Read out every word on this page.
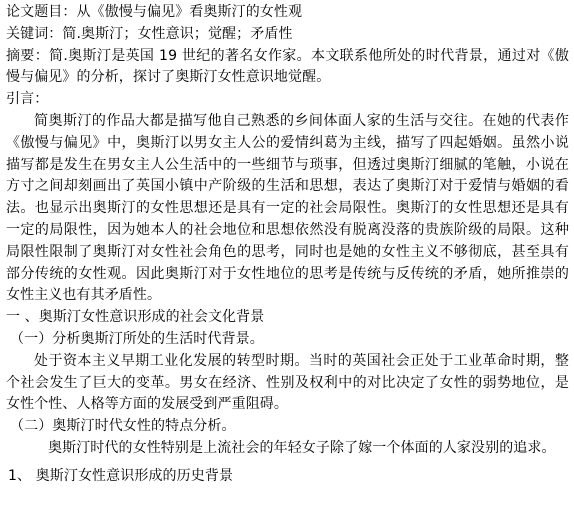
论文题目：从《傲慢与偏见》看奥斯汀的女性观
关键词：简.奥斯汀；女性意识；觉醒；矛盾性
摘要：简.奥斯汀是英国 19 世纪的著名女作家。本文联系他所处的时代背景，通过对《傲慢与偏见》的分析，探讨了奥斯汀女性意识地觉醒。
引言：
简奥斯汀的作品大都是描写他自己熟悉的乡间体面人家的生活与交往。在她的代表作《傲慢与偏见》中，奥斯汀以男女主人公的爱情纠葛为主线，描写了四起婚姻。虽然小说描写都是发生在男女主人公生活中的一些细节与琐事，但透过奥斯汀细腻的笔触，小说在方寸之间却刻画出了英国小镇中产阶级的生活和思想，表达了奥斯汀对于爱情与婚姻的看法。也显示出奥斯汀的女性思想还是具有一定的社会局限性。奥斯汀的女性思想还是具有一定的局限性，因为她本人的社会地位和思想依然没有脱离没落的贵族阶级的局限。这种局限性限制了奥斯汀对女性社会角色的思考，同时也是她的女性主义不够彻底，甚至具有部分传统的女性观。因此奥斯汀对于女性地位的思考是传统与反传统的矛盾，她所推崇的女性主义也有其矛盾性。
一 、奥斯汀女性意识形成的社会文化背景
（一）分析奥斯汀所处的生活时代背景。
处于资本主义早期工业化发展的转型时期。当时的英国社会正处于工业革命时期，整个社会发生了巨大的变革。男女在经济、性别及权利中的对比决定了女性的弱势地位，是女性个性、人格等方面的发展受到严重阻碍。
（二）奥斯汀时代女性的特点分析。
奥斯汀时代的女性特别是上流社会的年轻女子除了嫁一个体面的人家没别的追求。
1、 奥斯汀女性意识形成的历史背景
